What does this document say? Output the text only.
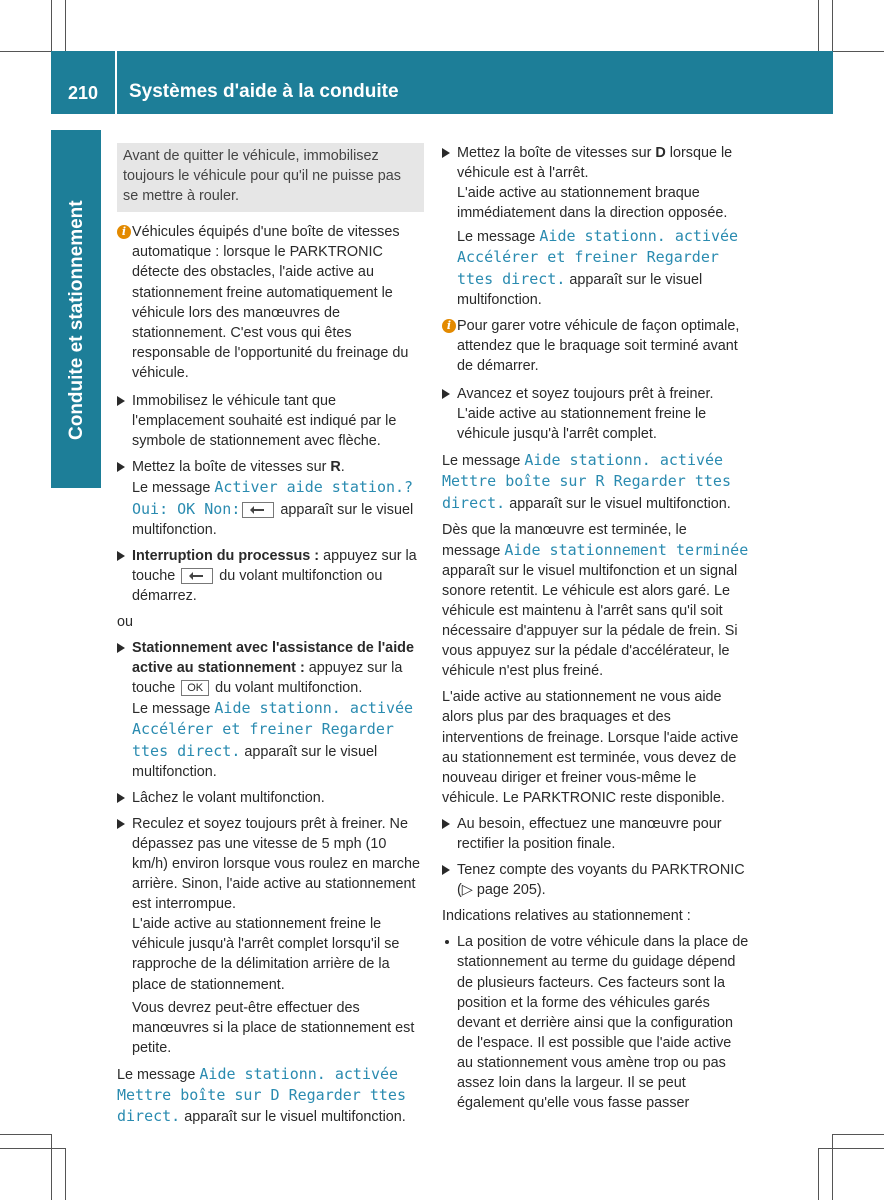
210	Systèmes d'aide à la conduite
Conduite et stationnement
Avant de quitter le véhicule, immobilisez toujours le véhicule pour qu'il ne puisse pas se mettre à rouler.
i Véhicules équipés d'une boîte de vitesses automatique : lorsque le PARKTRONIC détecte des obstacles, l'aide active au stationnement freine automatiquement le véhicule lors des manœuvres de stationnement. C'est vous qui êtes responsable de l'opportunité du freinage du véhicule.
Immobilisez le véhicule tant que l'emplacement souhaité est indiqué par le symbole de stationnement avec flèche.
Mettez la boîte de vitesses sur R.
Le message Activer aide station.? Oui: OK Non:	apparaît sur le visuel multifonction.
Interruption du processus : appuyez sur la touche	du volant multifonction ou démarrez.

ou

Stationnement avec l'assistance de l'aide active au stationnement : appuyez sur la touche OK du volant multifonction.
Le message Aide stationn. activée Accélérer et freiner Regarder ttes direct. apparaît sur le visuel multifonction.
Lâchez le volant multifonction.
Reculez et soyez toujours prêt à freiner. Ne dépassez pas une vitesse de 5 mph (10 km/h) environ lorsque vous roulez en marche arrière. Sinon, l'aide active au stationnement est interrompue.
L'aide active au stationnement freine le véhicule jusqu'à l'arrêt complet lorsqu'il se rapproche de la délimitation arrière de la place de stationnement.
Vous devrez peut-être effectuer des manœuvres si la place de stationnement est petite.

Le message Aide stationn. activée Mettre boîte sur D Regarder ttes direct. apparaît sur le visuel multifonction.

Mettez la boîte de vitesses sur D lorsque le véhicule est à l'arrêt.
L'aide active au stationnement braque immédiatement dans la direction opposée.
Le message Aide stationn. activée Accélérer et freiner Regarder ttes direct. apparaît sur le visuel multifonction.
i Pour garer votre véhicule de façon optimale, attendez que le braquage soit terminé avant de démarrer.
Avancez et soyez toujours prêt à freiner.
L'aide active au stationnement freine le véhicule jusqu'à l'arrêt complet.

Le message Aide stationn. activée Mettre boîte sur R Regarder ttes direct. apparaît sur le visuel multifonction.

Dès que la manœuvre est terminée, le message Aide stationnement terminée apparaît sur le visuel multifonction et un signal sonore retentit. Le véhicule est alors garé. Le véhicule est maintenu à l'arrêt sans qu'il soit nécessaire d'appuyer sur la pédale de frein. Si vous appuyez sur la pédale d'accélérateur, le véhicule n'est plus freiné.

L'aide active au stationnement ne vous aide alors plus par des braquages et des interventions de freinage. Lorsque l'aide active au stationnement est terminée, vous devez de nouveau diriger et freiner vous-même le véhicule. Le PARKTRONIC reste disponible.

Au besoin, effectuez une manœuvre pour rectifier la position finale.
Tenez compte des voyants du PARKTRONIC (▷ page 205).

Indications relatives au stationnement :

La position de votre véhicule dans la place de stationnement au terme du guidage dépend de plusieurs facteurs. Ces facteurs sont la position et la forme des véhicules garés devant et derrière ainsi que la configuration de l'espace. Il est possible que l'aide active au stationnement vous amène trop ou pas assez loin dans la largeur. Il se peut également qu'elle vous fasse passer
